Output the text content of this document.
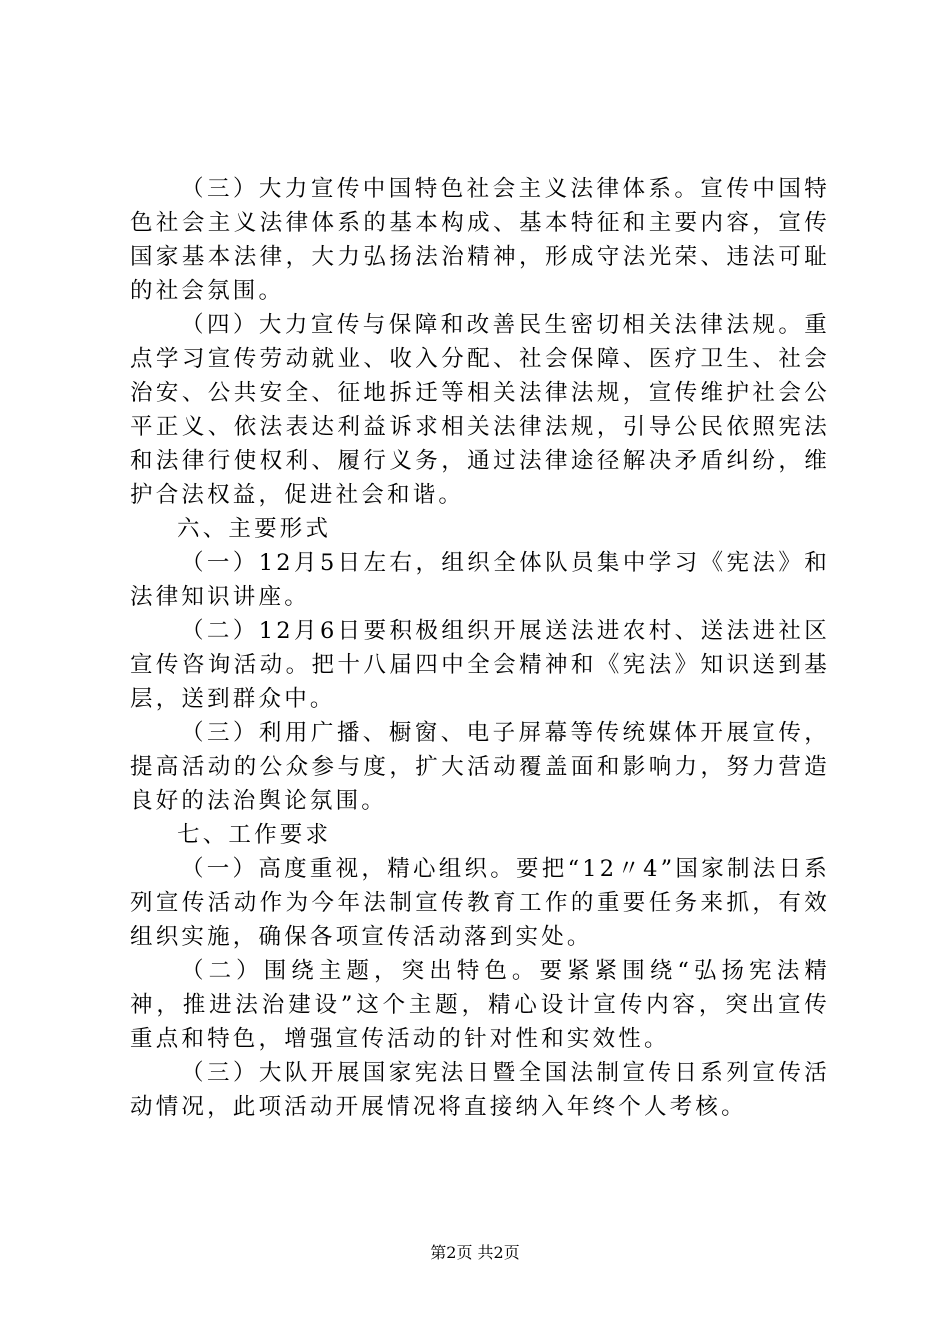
（三）大力宣传中国特色社会主义法律体系。宣传中国特色社会主义法律体系的基本构成、基本特征和主要内容，宣传国家基本法律，大力弘扬法治精神，形成守法光荣、违法可耻的社会氛围。

（四）大力宣传与保障和改善民生密切相关法律法规。重点学习宣传劳动就业、收入分配、社会保障、医疗卫生、社会治安、公共安全、征地拆迁等相关法律法规，宣传维护社会公平正义、依法表达利益诉求相关法律法规，引导公民依照宪法和法律行使权利、履行义务，通过法律途径解决矛盾纠纷，维护合法权益，促进社会和谐。

六、主要形式

（一）12月5日左右，组织全体队员集中学习《宪法》和法律知识讲座。

（二）12月6日要积极组织开展送法进农村、送法进社区宣传咨询活动。把十八届四中全会精神和《宪法》知识送到基层，送到群众中。

（三）利用广播、橱窗、电子屏幕等传统媒体开展宣传，提高活动的公众参与度，扩大活动覆盖面和影响力，努力营造良好的法治舆论氛围。

七、工作要求

（一）高度重视，精心组织。要把“12〃4”国家制法日系列宣传活动作为今年法制宣传教育工作的重要任务来抓，有效组织实施，确保各项宣传活动落到实处。

（二）围绕主题，突出特色。要紧紧围绕“弘扬宪法精神，推进法治建设”这个主题，精心设计宣传内容，突出宣传重点和特色，增强宣传活动的针对性和实效性。

（三）大队开展国家宪法日暨全国法制宣传日系列宣传活动情况，此项活动开展情况将直接纳入年终个人考核。

第2页 共2页
